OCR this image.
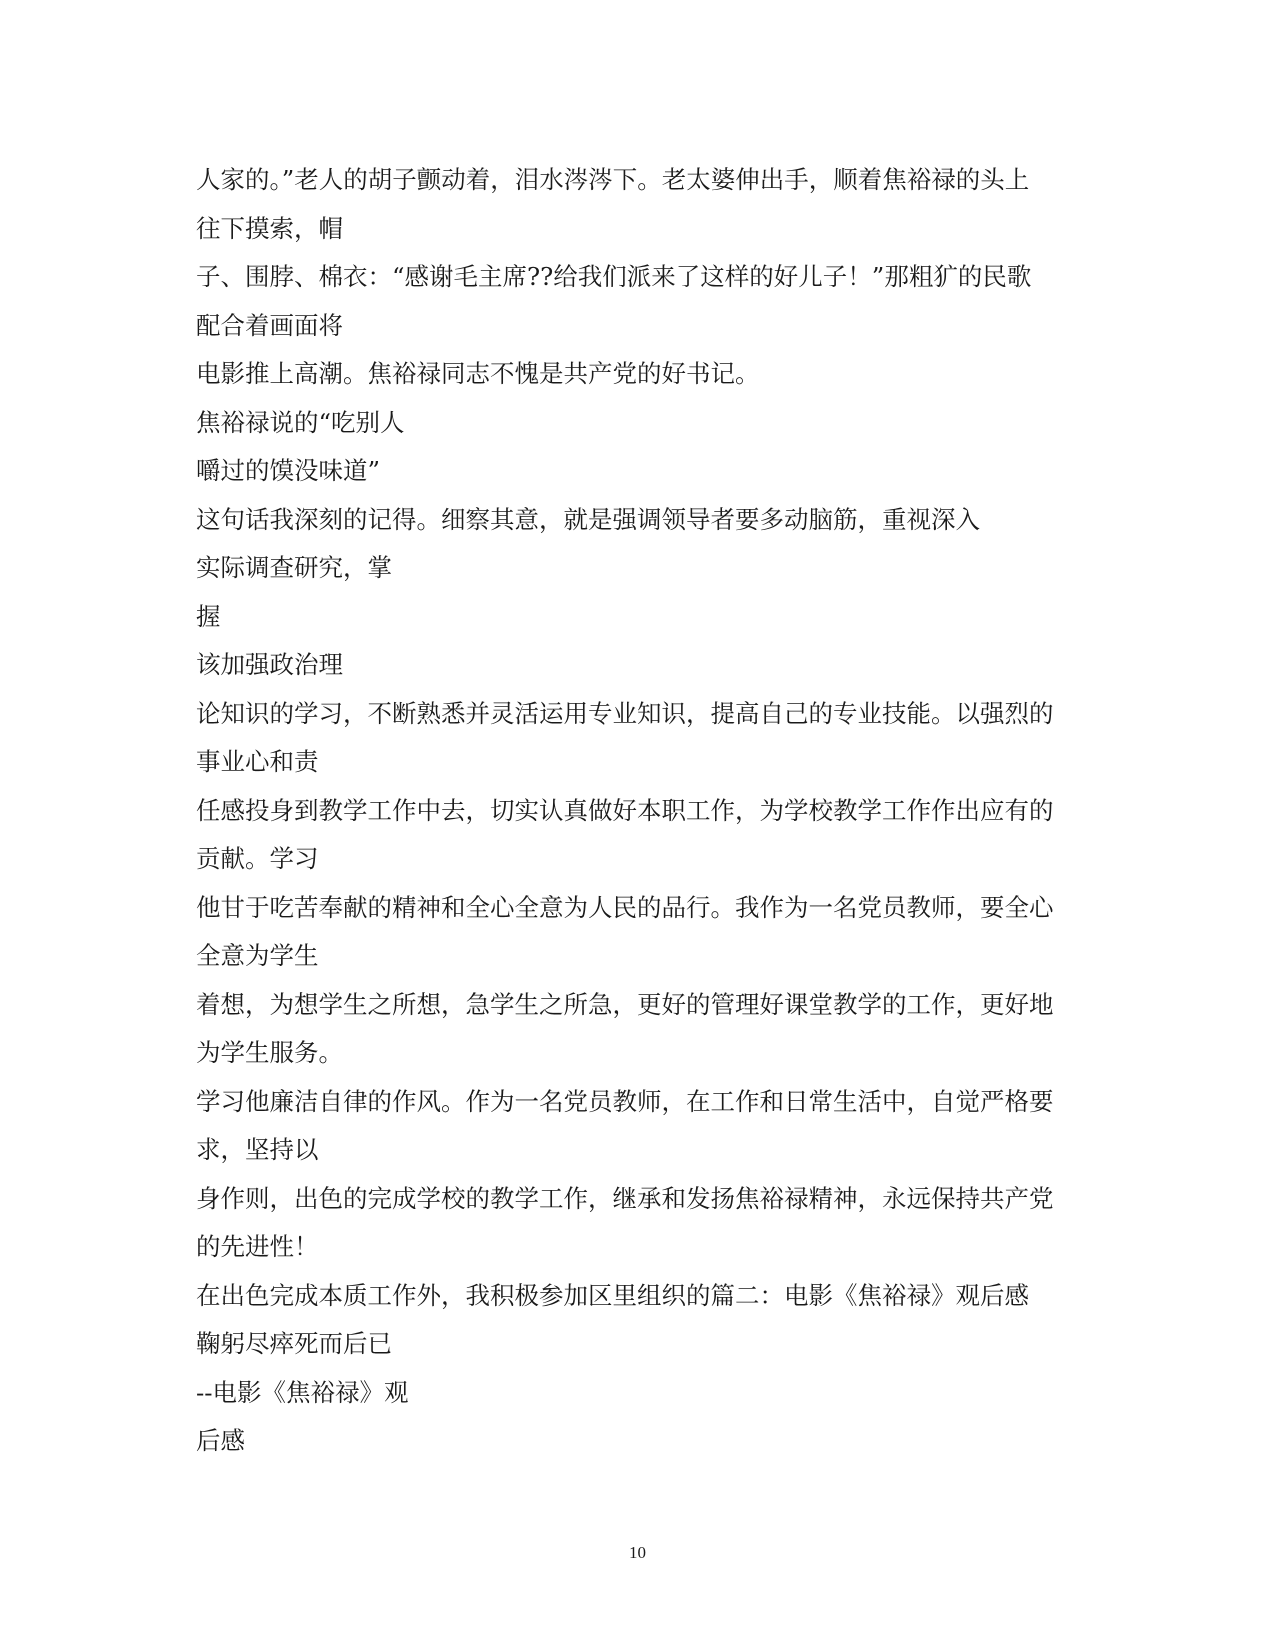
人家的。”老人的胡子颤动着，泪水涔涔下。老太婆伸出手，顺着焦裕禄的头上
往下摸索，帽
子、围脖、棉衣：“感谢毛主席??给我们派来了这样的好儿子！”那粗犷的民歌
配合着画面将
电影推上高潮。焦裕禄同志不愧是共产党的好书记。
焦裕禄说的“吃别人
嚼过的馍没味道”
这句话我深刻的记得。细察其意，就是强调领导者要多动脑筋，重视深入
实际调查研究，掌
握
该加强政治理
论知识的学习，不断熟悉并灵活运用专业知识，提高自己的专业技能。以强烈的
事业心和责
任感投身到教学工作中去，切实认真做好本职工作，为学校教学工作作出应有的
贡献。学习
他甘于吃苦奉献的精神和全心全意为人民的品行。我作为一名党员教师，要全心
全意为学生
着想，为想学生之所想，急学生之所急，更好的管理好课堂教学的工作，更好地
为学生服务。
学习他廉洁自律的作风。作为一名党员教师，在工作和日常生活中，自觉严格要
求，坚持以
身作则，出色的完成学校的教学工作，继承和发扬焦裕禄精神，永远保持共产党
的先进性！
在出色完成本质工作外，我积极参加区里组织的篇二：电影《焦裕禄》观后感
鞠躬尽瘁死而后已
--电影《焦裕禄》观
后感
10
